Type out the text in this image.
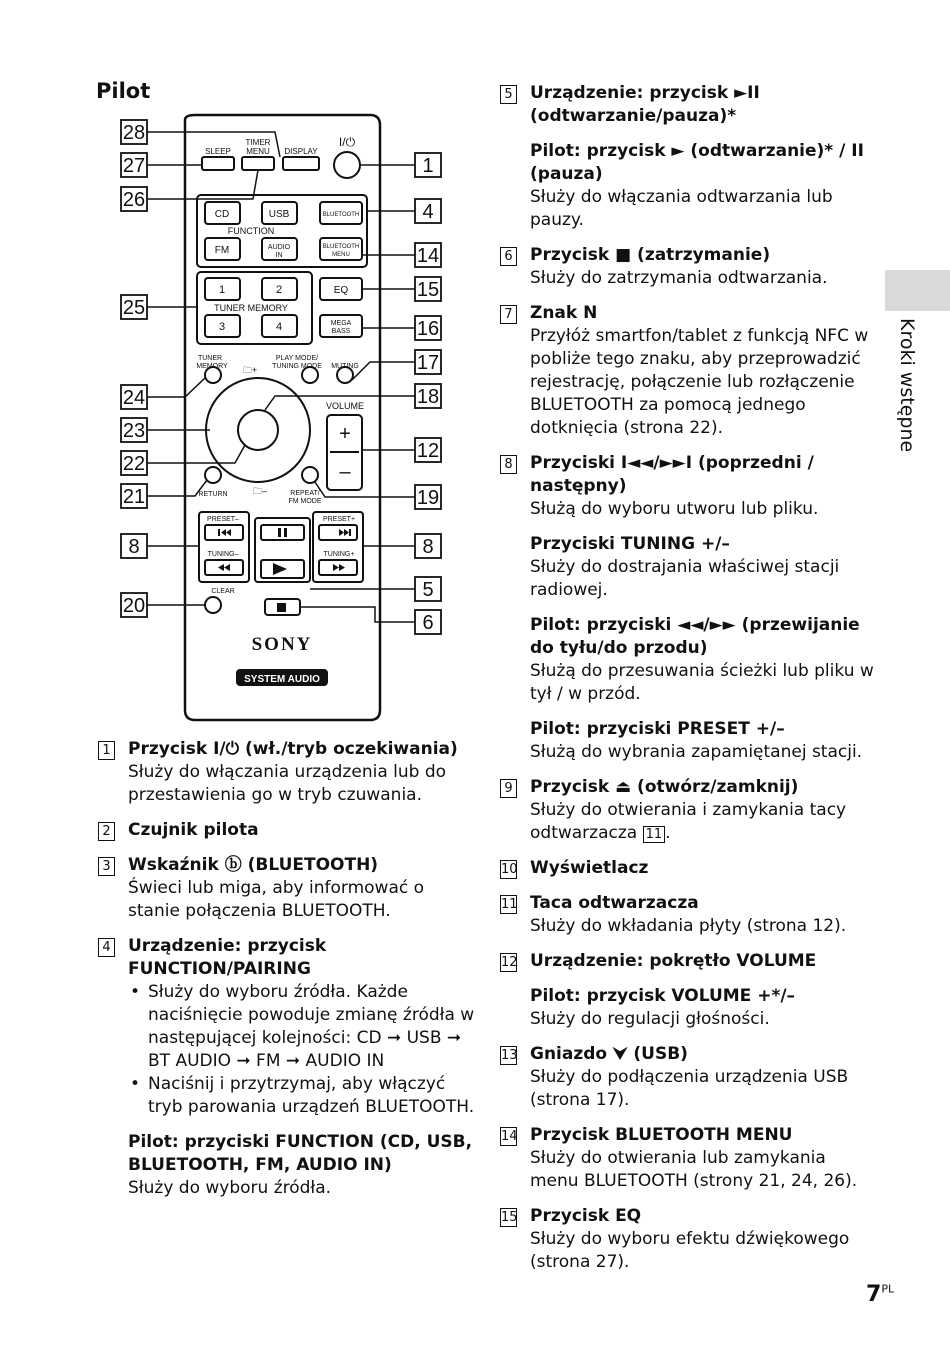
Pilot
Kroki wstępne
28
27
26
25
24
23
22
21
8
20
1
4
14
15
16
17
18
12
19
8
5
6
SLEEP
TIMER
MENU DISPLAY
I/⏻
CD	USB	BLUETOOTH
FUNCTION
FM	AUDIO
IN
BLUETOOTH
MENU
1	2
TUNER MEMORY
3	4
EQ
MEGA
BASS
TUNER
MEMORY 🗀+
PLAY MODE/
TUNING MODE MUTING
VOLUME
+
–
RETURN	🗀–	REPEAT/
FM MODE
PRESET–
TUNING–
PRESET+
TUNING+
CLEAR
SONY
SYSTEM AUDIO
1 Przycisk I/⏻ (wł./tryb oczekiwania)
Służy do włączania urządzenia lub do przestawienia go w tryb czuwania.
2 Czujnik pilota
3 Wskaźnik ⓑ (BLUETOOTH)
Świeci lub miga, aby informować o stanie połączenia BLUETOOTH.
4 Urządzenie: przycisk FUNCTION/PAIRING
• Służy do wyboru źródła. Każde naciśnięcie powoduje zmianę źródła w następującej kolejności: CD ➞ USB ➞ BT AUDIO ➞ FM ➞ AUDIO IN
• Naciśnij i przytrzymaj, aby włączyć tryb parowania urządzeń BLUETOOTH.
Pilot: przyciski FUNCTION (CD, USB, BLUETOOTH, FM, AUDIO IN)
Służy do wyboru źródła.
5 Urządzenie: przycisk ►II (odtwarzanie/pauza)*
Pilot: przycisk ► (odtwarzanie)* / II (pauza)
Służy do włączania odtwarzania lub pauzy.
6 Przycisk ■ (zatrzymanie)
Służy do zatrzymania odtwarzania.
7 Znak N
Przyłóż smartfon/tablet z funkcją NFC w pobliże tego znaku, aby przeprowadzić rejestrację, połączenie lub rozłączenie BLUETOOTH za pomocą jednego dotknięcia (strona 22).
8 Przyciski I◄◄/►►I (poprzedni / następny)
Służą do wyboru utworu lub pliku.
Przyciski TUNING +/–
Służy do dostrajania właściwej stacji radiowej.
Pilot: przyciski ◄◄/►► (przewijanie do tyłu/do przodu)
Służą do przesuwania ścieżki lub pliku w tył / w przód.
Pilot: przyciski PRESET +/–
Służą do wybrania zapamiętanej stacji.
9 Przycisk ⏏ (otwórz/zamknij)
Służy do otwierania i zamykania tacy odtwarzacza 11 .
10 Wyświetlacz
11 Taca odtwarzacza
Służy do wkładania płyty (strona 12).
12 Urządzenie: pokrętło VOLUME
Pilot: przycisk VOLUME +*/–
Służy do regulacji głośności.
13 Gniazdo ⮟ (USB)
Służy do podłączenia urządzenia USB (strona 17).
14 Przycisk BLUETOOTH MENU
Służy do otwierania lub zamykania menu BLUETOOTH (strony 21, 24, 26).
15 Przycisk EQ
Służy do wyboru efektu dźwiękowego (strona 27).
$7^{PL}$
